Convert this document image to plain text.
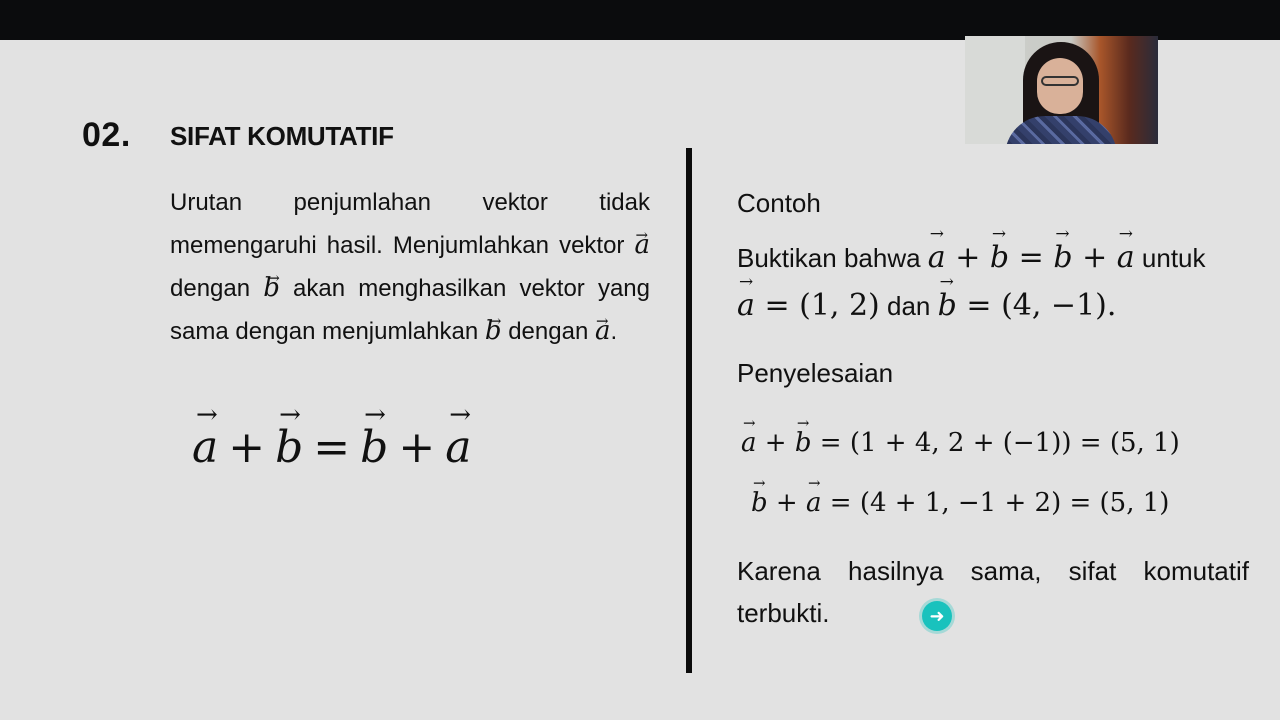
02. SIFAT KOMUTATIF

Urutan penjumlahan vektor tidak memengaruhi hasil. Menjumlahkan vektor → a dengan → b akan menghasilkan vektor yang sama dengan menjumlahkan → b dengan → a.

→ a + → b = → b + → a
Contoh
Buktikan bahwa → a + → b = → b + → a untuk
→ a = (1, 2) dan → b = (4, −1).
Penyelesaian
→ a + → b = (1 + 4, 2 + (−1)) = (5, 1)
→ b + → a = (4 + 1, −1 + 2) = (5, 1)
Karena hasilnya sama, sifat komutatif terbukti.	➜
